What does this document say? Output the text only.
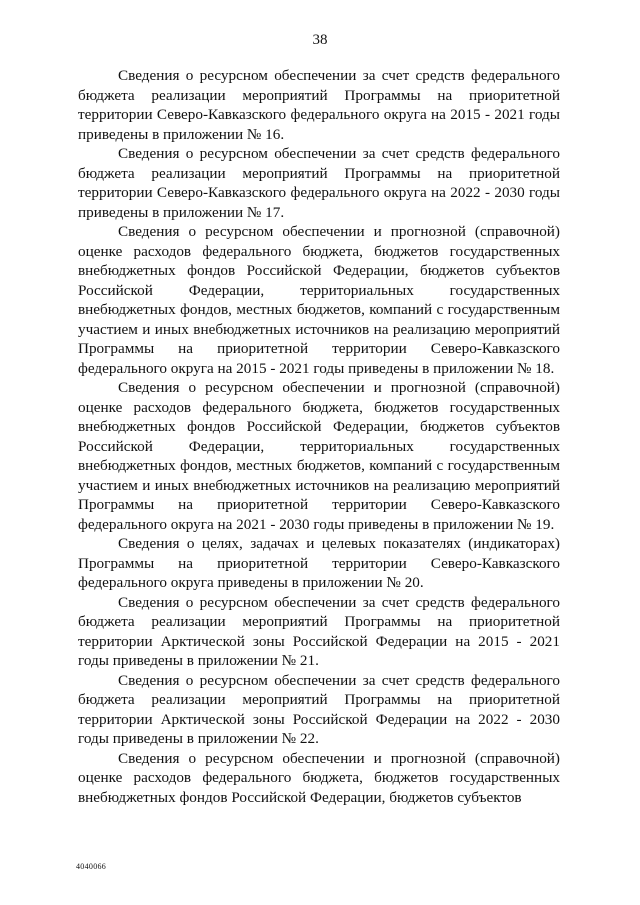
38

Сведения о ресурсном обеспечении за счет средств федерального бюджета реализации мероприятий Программы на приоритетной территории Северо-Кавказского федерального округа на 2015 - 2021 годы приведены в приложении № 16.

Сведения о ресурсном обеспечении за счет средств федерального бюджета реализации мероприятий Программы на приоритетной территории Северо-Кавказского федерального округа на 2022 - 2030 годы приведены в приложении № 17.

Сведения о ресурсном обеспечении и прогнозной (справочной) оценке расходов федерального бюджета, бюджетов государственных внебюджетных фондов Российской Федерации, бюджетов субъектов Российской Федерации, территориальных государственных внебюджетных фондов, местных бюджетов, компаний с государственным участием и иных внебюджетных источников на реализацию мероприятий Программы на приоритетной территории Северо-Кавказского федерального округа на 2015 - 2021 годы приведены в приложении № 18.

Сведения о ресурсном обеспечении и прогнозной (справочной) оценке расходов федерального бюджета, бюджетов государственных внебюджетных фондов Российской Федерации, бюджетов субъектов Российской Федерации, территориальных государственных внебюджетных фондов, местных бюджетов, компаний с государственным участием и иных внебюджетных источников на реализацию мероприятий Программы на приоритетной территории Северо-Кавказского федерального округа на 2021 - 2030 годы приведены в приложении № 19.

Сведения о целях, задачах и целевых показателях (индикаторах) Программы на приоритетной территории Северо-Кавказского федерального округа приведены в приложении № 20.

Сведения о ресурсном обеспечении за счет средств федерального бюджета реализации мероприятий Программы на приоритетной территории Арктической зоны Российской Федерации на 2015 - 2021 годы приведены в приложении № 21.

Сведения о ресурсном обеспечении за счет средств федерального бюджета реализации мероприятий Программы на приоритетной территории Арктической зоны Российской Федерации на 2022 - 2030 годы приведены в приложении № 22.

Сведения о ресурсном обеспечении и прогнозной (справочной) оценке расходов федерального бюджета, бюджетов государственных внебюджетных фондов Российской Федерации, бюджетов субъектов

4040066
